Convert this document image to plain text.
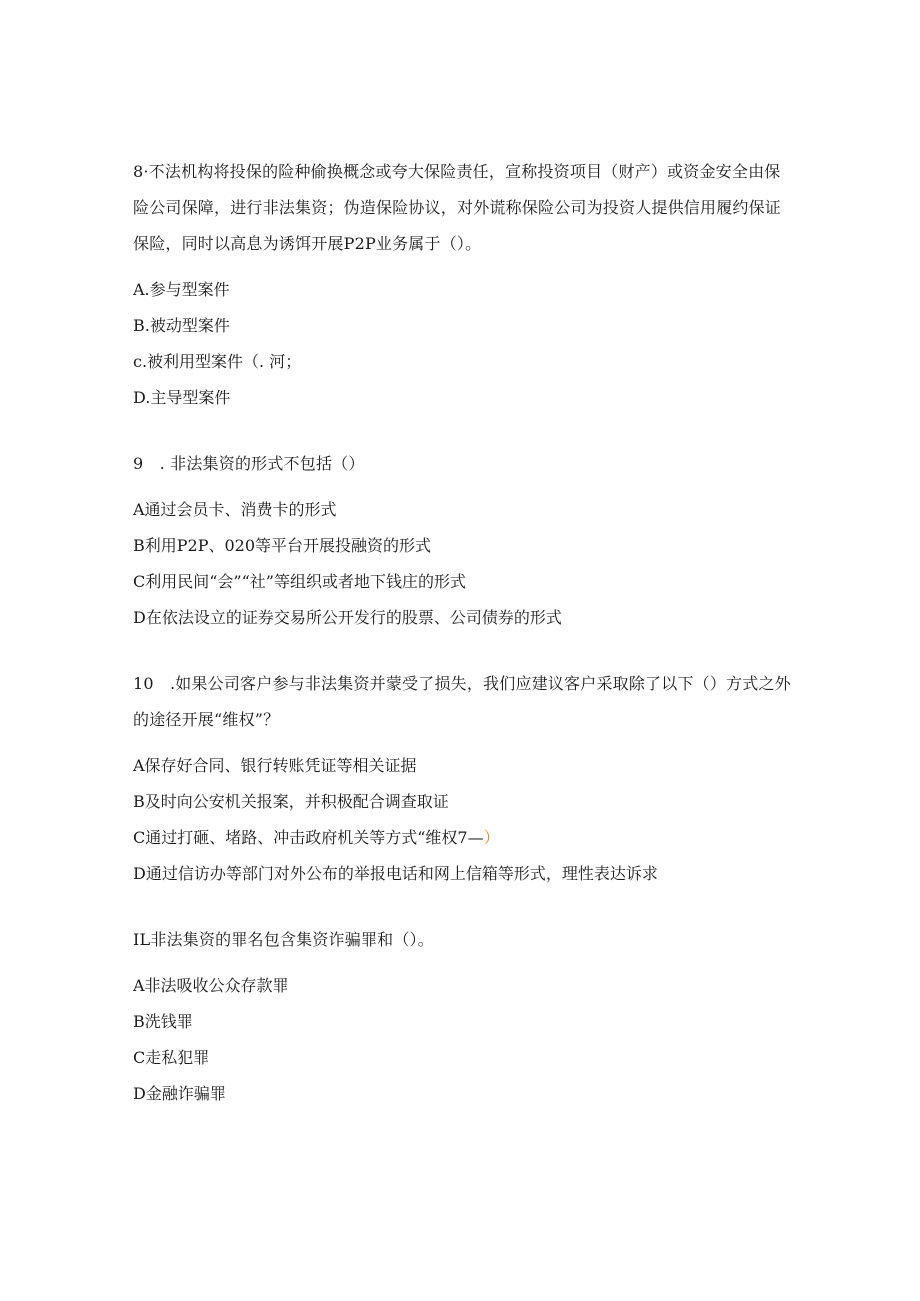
8·不法机构将投保的险种偷换概念或夸大保险责任，宣称投资项目（财产）或资金安全由保险公司保障，进行非法集资；伪造保险协议，对外谎称保险公司为投资人提供信用履约保证保险，同时以高息为诱饵开展P2P业务属于（）。

A.参与型案件
B.被动型案件
c.被利用型案件（. 河；
D.主导型案件

9　. 非法集资的形式不包括（）

A通过会员卡、消费卡的形式
B利用P2P、020等平台开展投融资的形式
C利用民间“会”“社”等组织或者地下钱庄的形式
D在依法设立的证券交易所公开发行的股票、公司债券的形式

10　.如果公司客户参与非法集资并蒙受了损失，我们应建议客户采取除了以下（）方式之外的途径开展“维权”？

A保存好合同、银行转账凭证等相关证据
B及时向公安机关报案，并积极配合调查取证
C通过打砸、堵路、冲击政府机关等方式“维权7—）
D通过信访办等部门对外公布的举报电话和网上信箱等形式，理性表达诉求

IL非法集资的罪名包含集资诈骗罪和（）。

A非法吸收公众存款罪
B洗钱罪
C走私犯罪
D金融诈骗罪
